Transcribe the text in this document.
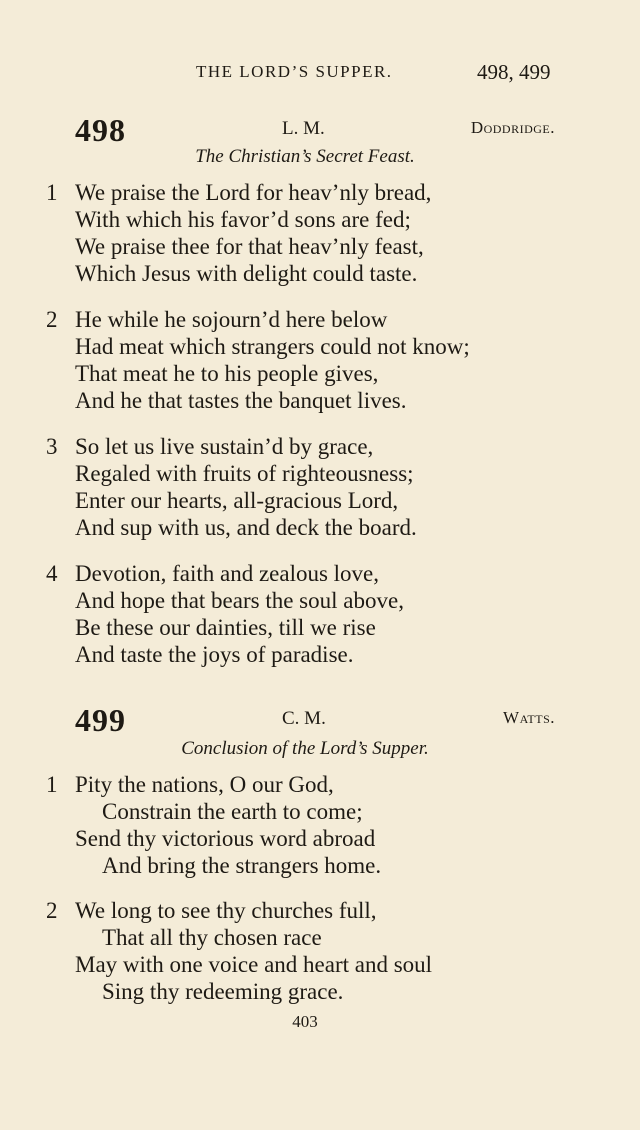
THE LORD’S SUPPER.	498, 499
498	L. M.	Doddridge.
The Christian’s Secret Feast.
1 We praise the Lord for heav’nly bread,
With which his favor’d sons are fed;
We praise thee for that heav’nly feast,
Which Jesus with delight could taste.
2 He while he sojourn’d here below
Had meat which strangers could not know;
That meat he to his people gives,
And he that tastes the banquet lives.
3 So let us live sustain’d by grace,
Regaled with fruits of righteousness;
Enter our hearts, all-gracious Lord,
And sup with us, and deck the board.
4 Devotion, faith and zealous love,
And hope that bears the soul above,
Be these our dainties, till we rise
And taste the joys of paradise.
499	C. M.	Watts.
Conclusion of the Lord’s Supper.
1 Pity the nations, O our God,
Constrain the earth to come;
Send thy victorious word abroad
And bring the strangers home.
2 We long to see thy churches full,
That all thy chosen race
May with one voice and heart and soul
Sing thy redeeming grace.
403
